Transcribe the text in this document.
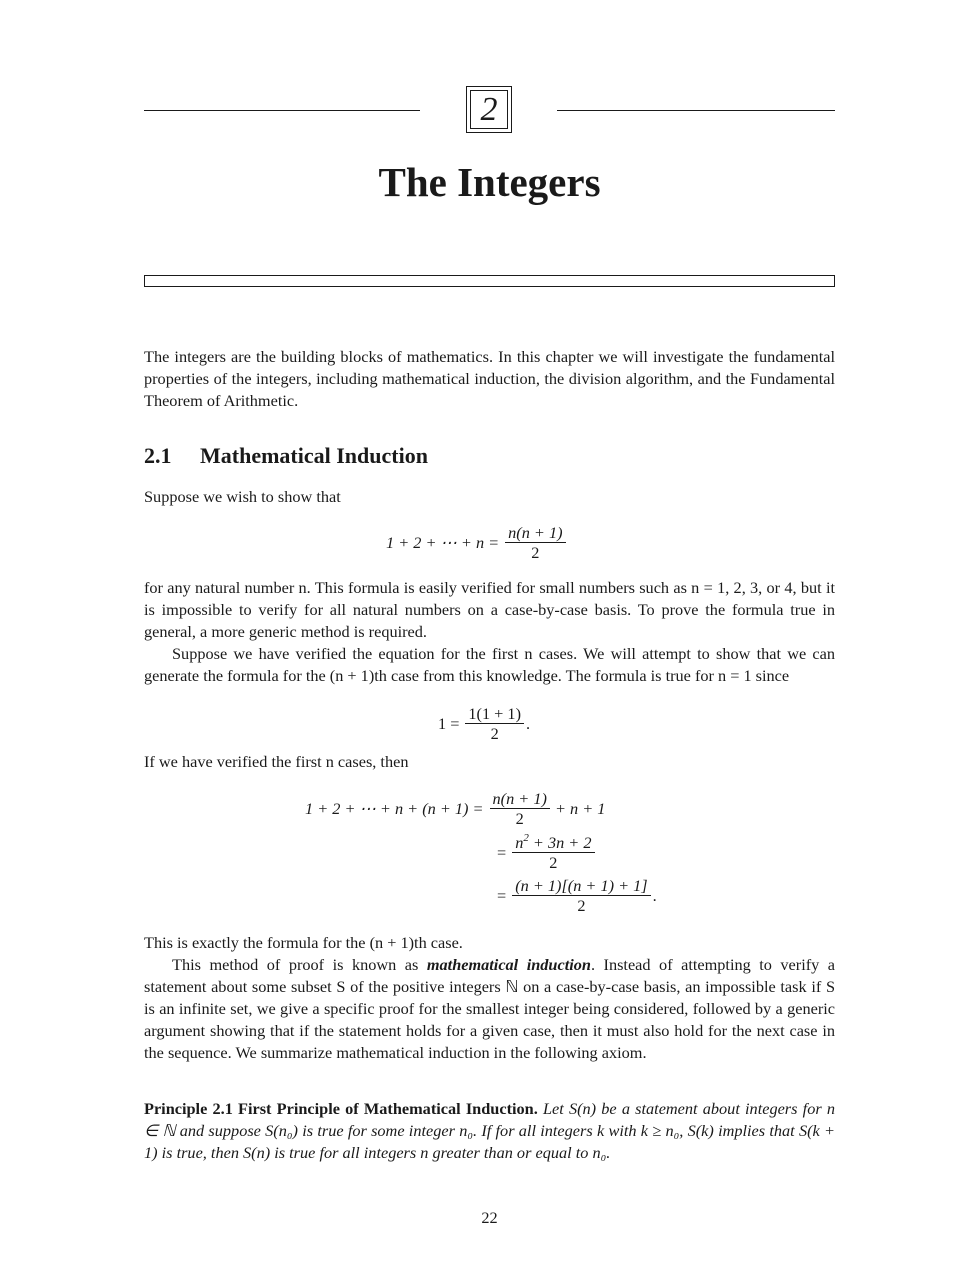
2
The Integers

The integers are the building blocks of mathematics. In this chapter we will investigate the fundamental properties of the integers, including mathematical induction, the division algorithm, and the Fundamental Theorem of Arithmetic.

2.1 Mathematical Induction

Suppose we wish to show that

1 + 2 + ⋯ + $n = \frac{n(n + 1)}{2}$

for any natural number n. This formula is easily verified for small numbers such as n = 1, 2, 3, or 4, but it is impossible to verify for all natural numbers on a case-by-case basis. To prove the formula true in general, a more generic method is required.

Suppose we have verified the equation for the first n cases. We will attempt to show that we can generate the formula for the (n + 1)th case from this knowledge. The formula is true for n = 1 since

$1 = \frac{1(1 + 1)}{2}$ .

If we have verified the first n cases, then

1 + 2 + ⋯ + $n + (n + 1) = \frac{n(n + 1)}{2} + n + 1$
= $\frac{n^2 + 3n + 2}{2}$
= $\frac{(n + 1)[(n + 1) + 1]}{2}$ .

This is exactly the formula for the (n + 1)th case.

This method of proof is known as mathematical induction. Instead of attempting to verify a statement about some subset S of the positive integers ℕ on a case-by-case basis, an impossible task if S is an infinite set, we give a specific proof for the smallest integer being considered, followed by a generic argument showing that if the statement holds for a given case, then it must also hold for the next case in the sequence. We summarize mathematical induction in the following axiom.

Principle 2.1 First Principle of Mathematical Induction. Let S(n) be a statement about integers for n ∈ ℕ and suppose S(n₀) is true for some integer n₀. If for all integers k with k ≥ n₀, S(k) implies that S(k + 1) is true, then S(n) is true for all integers n greater than or equal to n₀.
22
